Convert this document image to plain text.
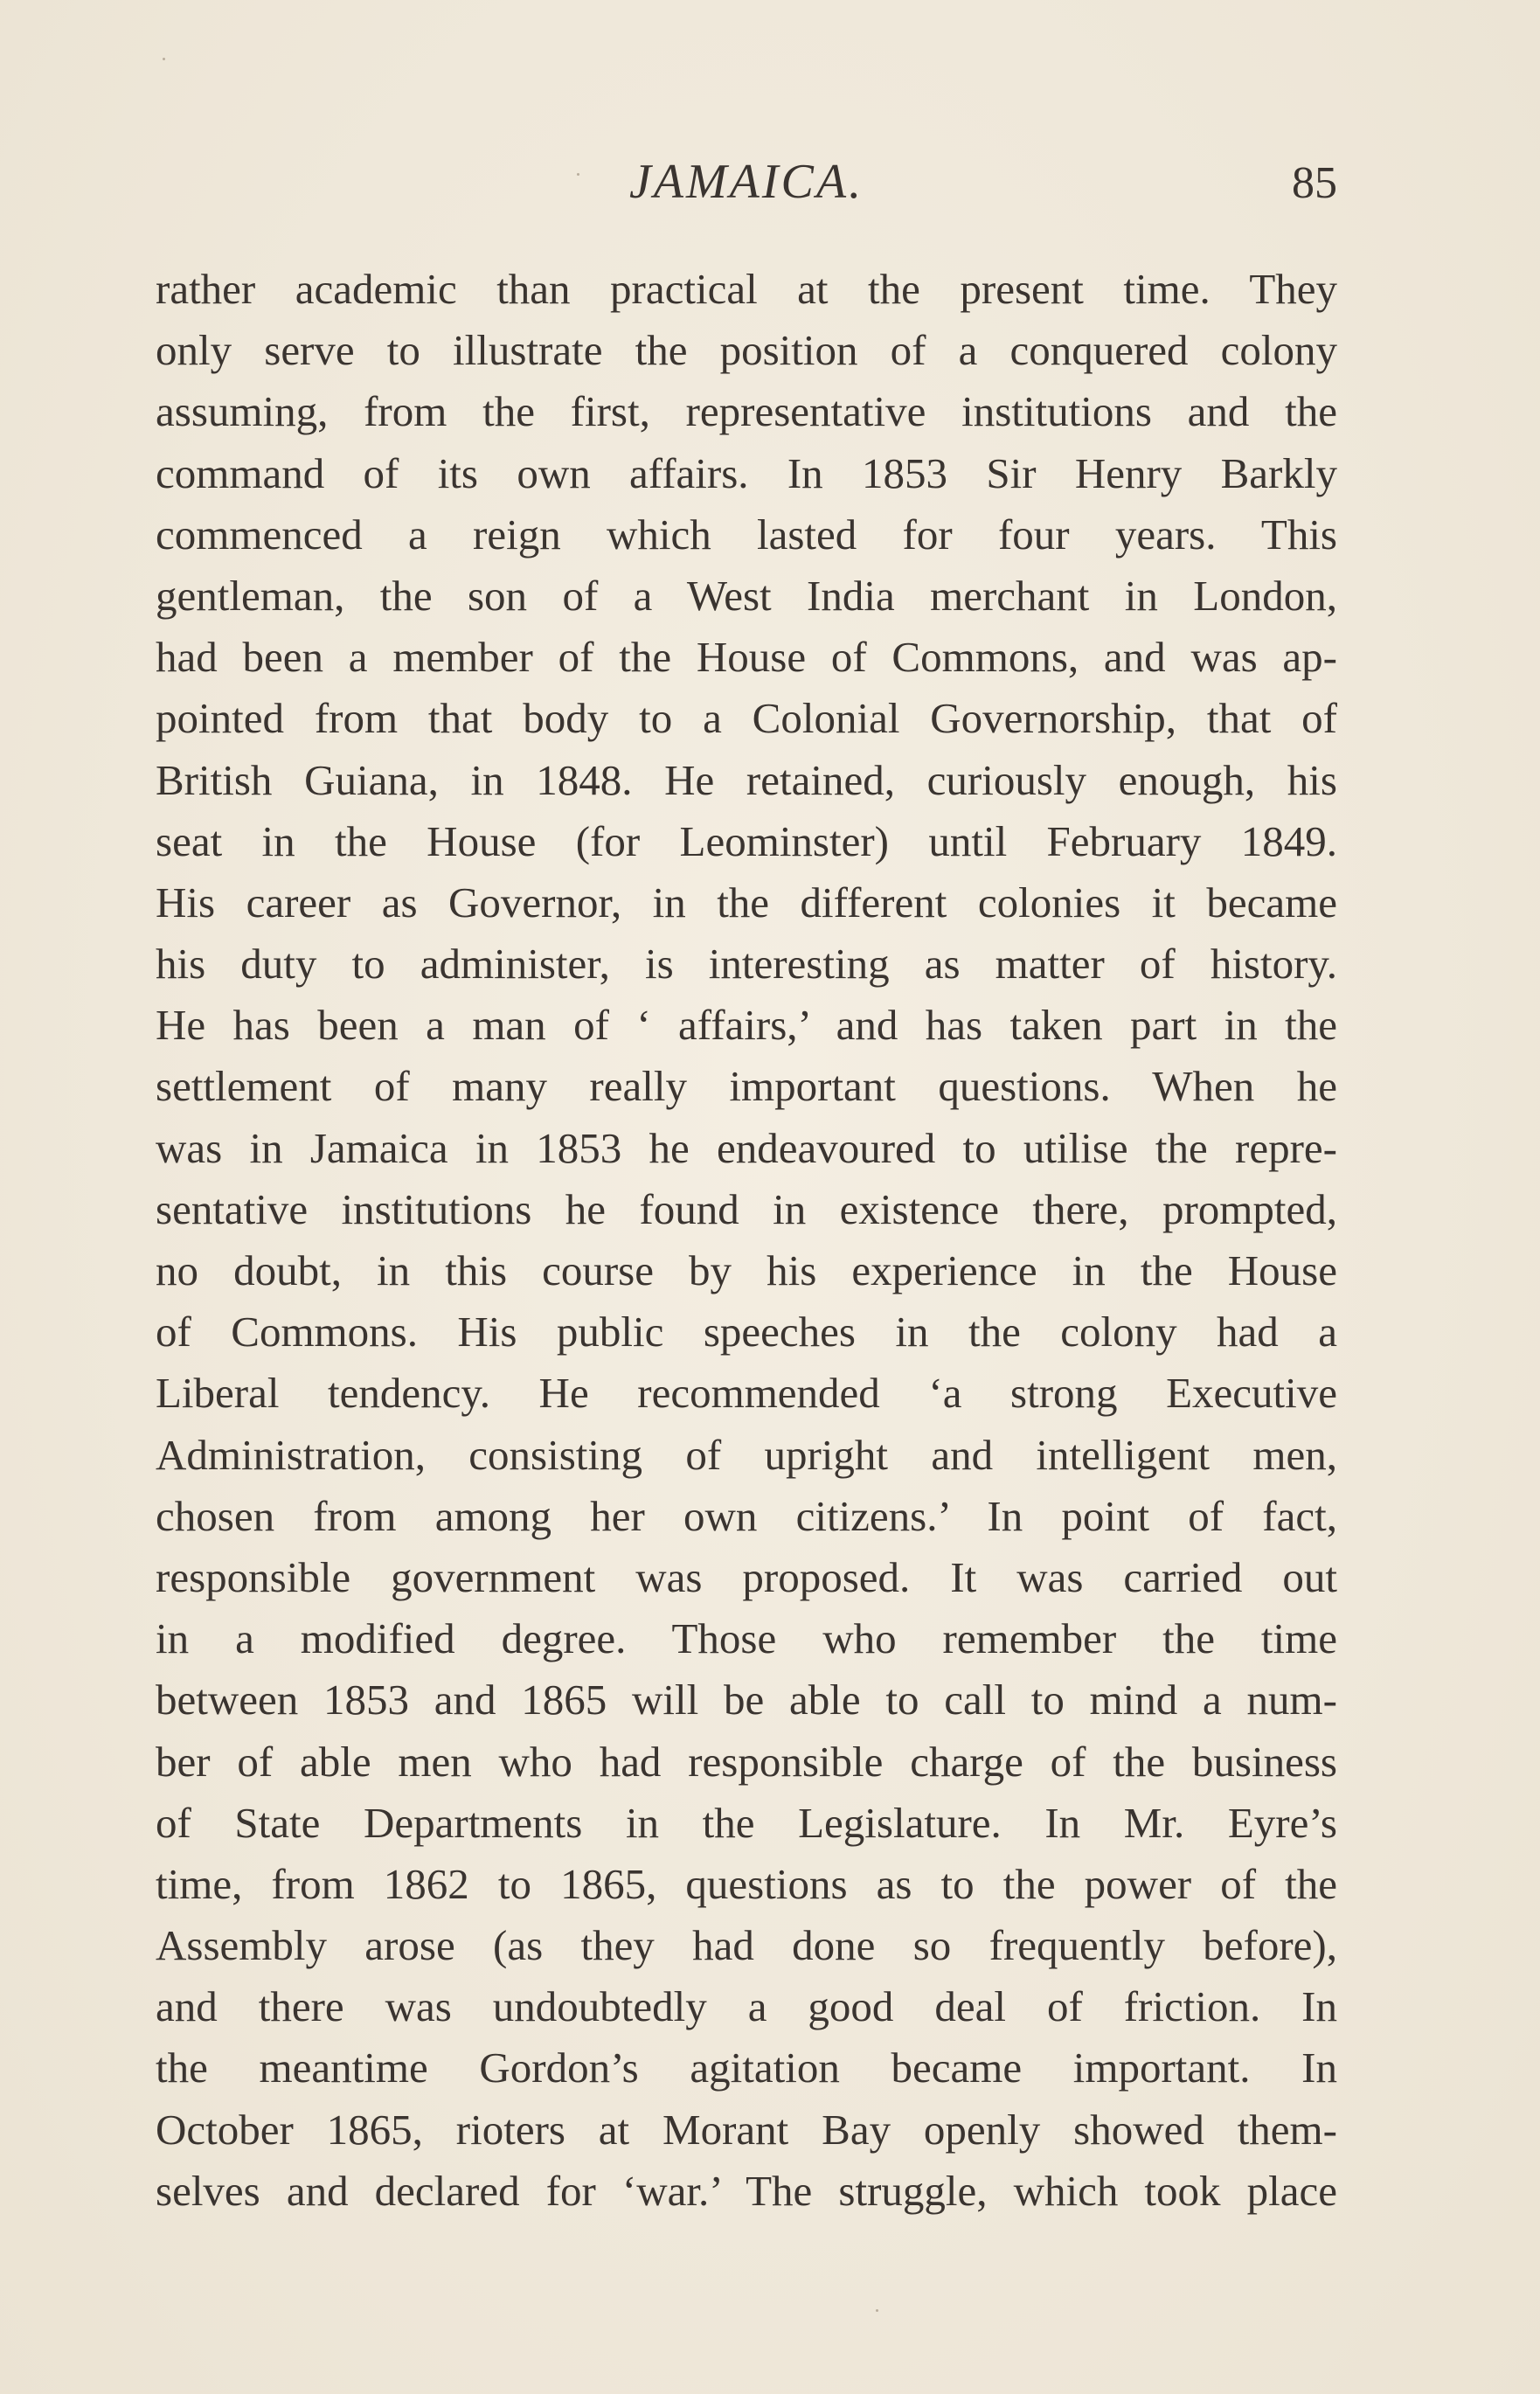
JAMAICA.	85
rather academic than practical at the present time. They
only serve to illustrate the position of a conquered colony
assuming, from the first, representative institutions and the
command of its own affairs. In 1853 Sir Henry Barkly
commenced a reign which lasted for four years. This
gentleman, the son of a West India merchant in London,
had been a member of the House of Commons, and was ap-
pointed from that body to a Colonial Governorship, that of
British Guiana, in 1848. He retained, curiously enough, his
seat in the House (for Leominster) until February 1849.
His career as Governor, in the different colonies it became
his duty to administer, is interesting as matter of history.
He has been a man of ‘ affairs,’ and has taken part in the
settlement of many really important questions. When he
was in Jamaica in 1853 he endeavoured to utilise the repre-
sentative institutions he found in existence there, prompted,
no doubt, in this course by his experience in the House
of Commons. His public speeches in the colony had a
Liberal tendency. He recommended ‘a strong Executive
Administration, consisting of upright and intelligent men,
chosen from among her own citizens.’ In point of fact,
responsible government was proposed. It was carried out
in a modified degree. Those who remember the time
between 1853 and 1865 will be able to call to mind a num-
ber of able men who had responsible charge of the business
of State Departments in the Legislature. In Mr. Eyre’s
time, from 1862 to 1865, questions as to the power of the
Assembly arose (as they had done so frequently before),
and there was undoubtedly a good deal of friction. In
the meantime Gordon’s agitation became important. In
October 1865, rioters at Morant Bay openly showed them-
selves and declared for ‘war.’ The struggle, which took place
